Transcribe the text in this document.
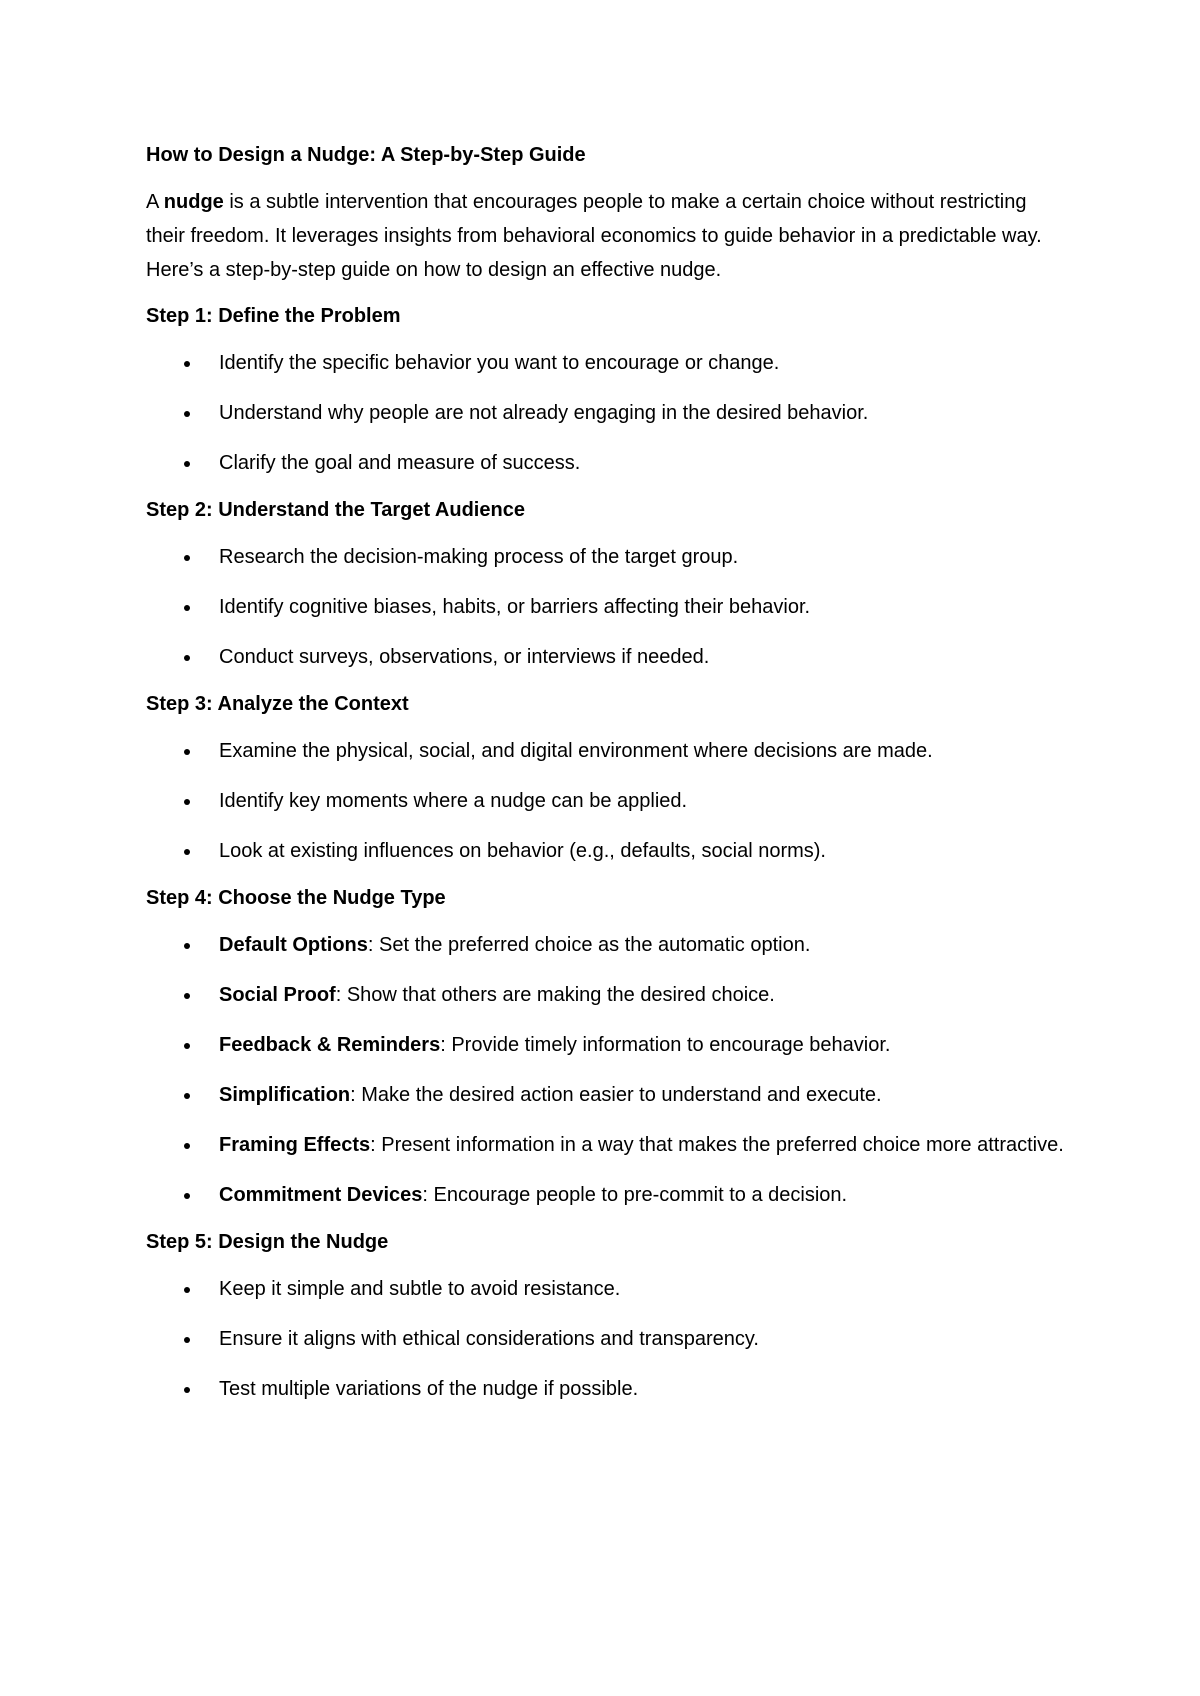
How to Design a Nudge: A Step-by-Step Guide

A nudge is a subtle intervention that encourages people to make a certain choice without restricting their freedom. It leverages insights from behavioral economics to guide behavior in a predictable way. Here’s a step-by-step guide on how to design an effective nudge.

Step 1: Define the Problem
Identify the specific behavior you want to encourage or change.
Understand why people are not already engaging in the desired behavior.
Clarify the goal and measure of success.
Step 2: Understand the Target Audience
Research the decision-making process of the target group.
Identify cognitive biases, habits, or barriers affecting their behavior.
Conduct surveys, observations, or interviews if needed.
Step 3: Analyze the Context
Examine the physical, social, and digital environment where decisions are made.
Identify key moments where a nudge can be applied.
Look at existing influences on behavior (e.g., defaults, social norms).
Step 4: Choose the Nudge Type
Default Options: Set the preferred choice as the automatic option.
Social Proof: Show that others are making the desired choice.
Feedback & Reminders: Provide timely information to encourage behavior.
Simplification: Make the desired action easier to understand and execute.
Framing Effects: Present information in a way that makes the preferred choice more attractive.
Commitment Devices: Encourage people to pre-commit to a decision.
Step 5: Design the Nudge
Keep it simple and subtle to avoid resistance.
Ensure it aligns with ethical considerations and transparency.
Test multiple variations of the nudge if possible.
